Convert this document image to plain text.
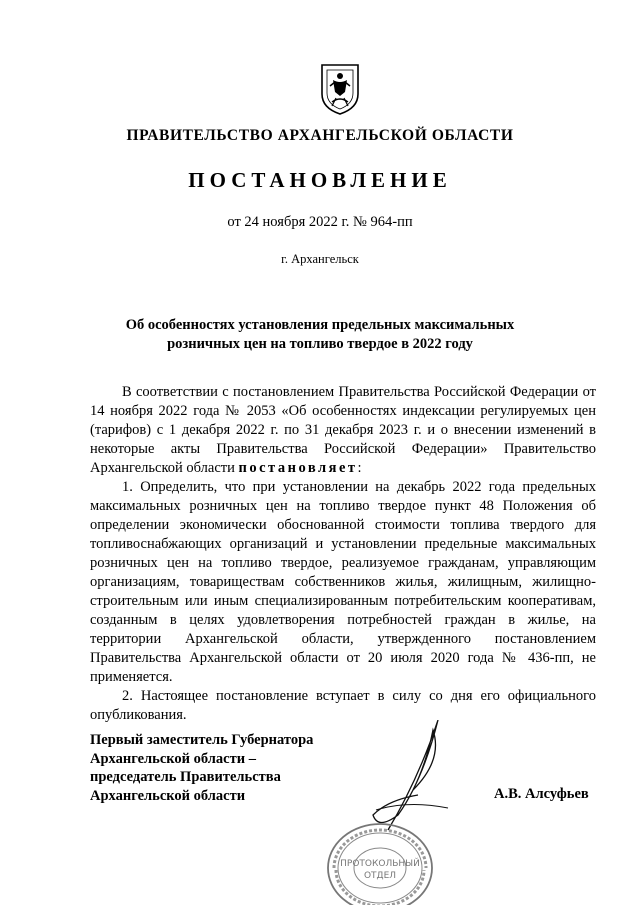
ПРАВИТЕЛЬСТВО АРХАНГЕЛЬСКОЙ ОБЛАСТИ
ПОСТАНОВЛЕНИЕ
от 24 ноября 2022 г. № 964-пп
г. Архангельск
Об особенностях установления предельных максимальных
розничных цен на топливо твердое в 2022 году

В соответствии с постановлением Правительства Российской Федерации от 14 ноября 2022 года № 2053 «Об особенностях индексации регулируемых цен (тарифов) с 1 декабря 2022 г. по 31 декабря 2023 г. и о внесении изменений в некоторые акты Правительства Российской Федерации» Правительство Архангельской области постановляет:

1. Определить, что при установлении на декабрь 2022 года предельных максимальных розничных цен на топливо твердое пункт 48 Положения об определении экономически обоснованной стоимости топлива твердого для топливоснабжающих организаций и установлении предельные максимальных розничных цен на топливо твердое, реализуемое гражданам, управляющим организациям, товариществам собственников жилья, жилищным, жилищно-строительным или иным специализированным потребительским кооперативам, созданным в целях удовлетворения потребностей граждан в жилье, на территории Архангельской области, утвержденного постановлением Правительства Архангельской области от 20 июля 2020 года № 436-пп, не применяется.

2. Настоящее постановление вступает в силу со дня его официального опубликования.

Первый заместитель Губернатора
Архангельской области –
председатель Правительства
Архангельской области	А.В. Алсуфьев
ПРОТОКОЛЬНЫЙ
ОТДЕЛ
